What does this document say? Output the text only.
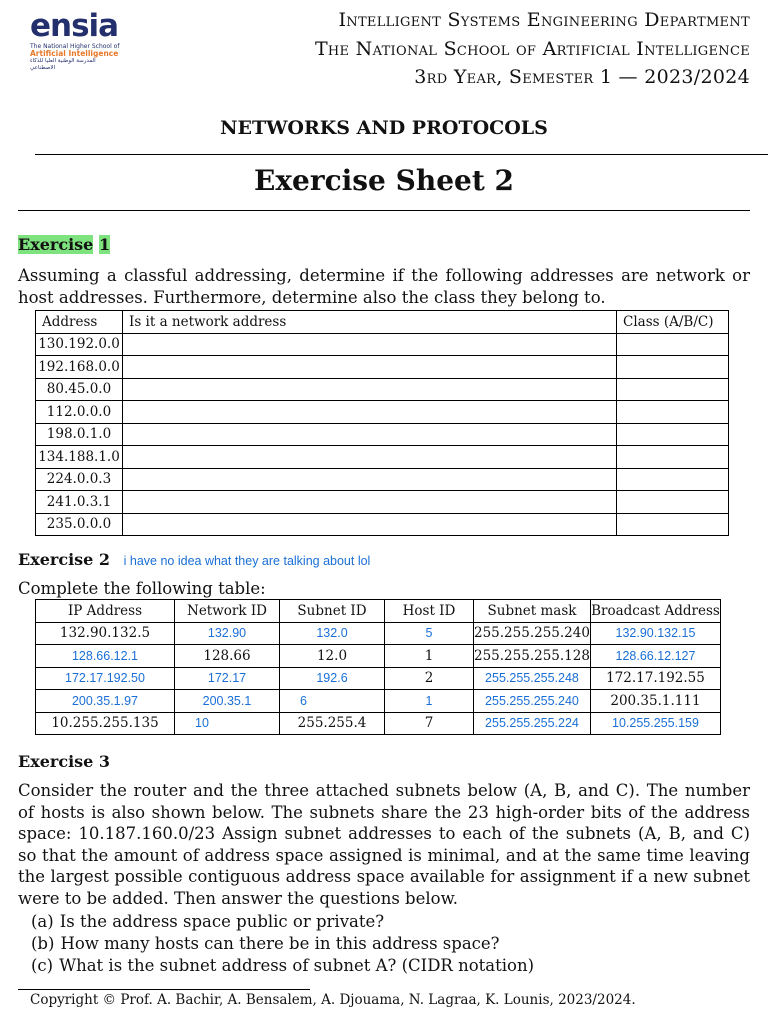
ensia
The National Higher School of
Artificial Intelligence
المدرسة الوطنية العليا للذكاء الاصطناعي
Intelligent Systems Engineering Department
The National School of Artificial Intelligence
3rd Year, Semester 1 — 2023/2024
NETWORKS AND PROTOCOLS
Exercise Sheet 2
Exercise 1
Assuming a classful addressing, determine if the following addresses are network or host addresses. Furthermore, determine also the class they belong to.
Address	Is it a network address	Class (A/B/C)
130.192.0.0		
192.168.0.0		
80.45.0.0		
112.0.0.0		
198.0.1.0		
134.188.1.0		
224.0.0.3		
241.0.3.1		
235.0.0.0		
Exercise 2 i have no idea what they are talking about lol
Complete the following table:
IP Address	Network ID	Subnet ID	Host ID	Subnet mask	Broadcast Address
132.90.132.5	132.90	132.0	5	255.255.255.240	132.90.132.15
128.66.12.1	128.66	12.0	1	255.255.255.128	128.66.12.127
172.17.192.50	172.17	192.6	2	255.255.255.248	172.17.192.55
200.35.1.97	200.35.1	6	1	255.255.255.240	200.35.1.111
10.255.255.135	10	255.255.4	7	255.255.255.224	10.255.255.159
Exercise 3
Consider the router and the three attached subnets below (A, B, and C). The number of hosts is also shown below. The subnets share the 23 high-order bits of the address space: 10.187.160.0/23 Assign subnet addresses to each of the subnets (A, B, and C) so that the amount of address space assigned is minimal, and at the same time leaving the largest possible contiguous address space available for assignment if a new subnet were to be added. Then answer the questions below.
(a) Is the address space public or private?
(b) How many hosts can there be in this address space?
(c) What is the subnet address of subnet A? (CIDR notation)
Copyright © Prof. A. Bachir, A. Bensalem, A. Djouama, N. Lagraa, K. Lounis, 2023/2024.
